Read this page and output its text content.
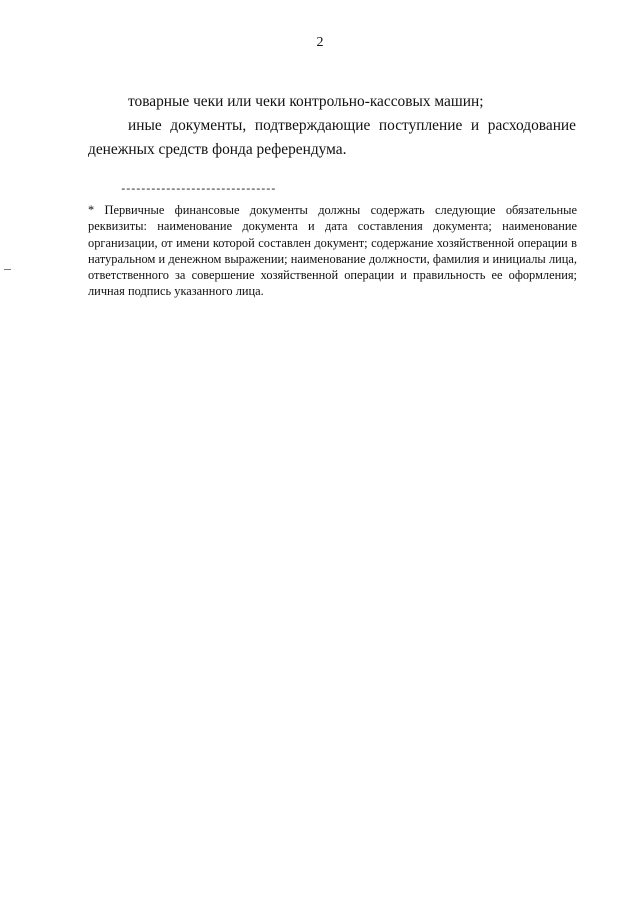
2

товарные чеки или чеки контрольно-кассовых машин;

иные документы, подтверждающие поступление и расходование денежных средств фонда референдума.

-------------------------------

* Первичные финансовые документы должны содержать следующие обязательные реквизиты: наименование документа и дата составления документа; наименование организации, от имени которой составлен документ; содержание хозяйственной операции в натуральном и денежном выражении; наименование должности, фамилия и инициалы лица, ответственного за совершение хозяйственной операции и правильность ее оформления; личная подпись указанного лица.
